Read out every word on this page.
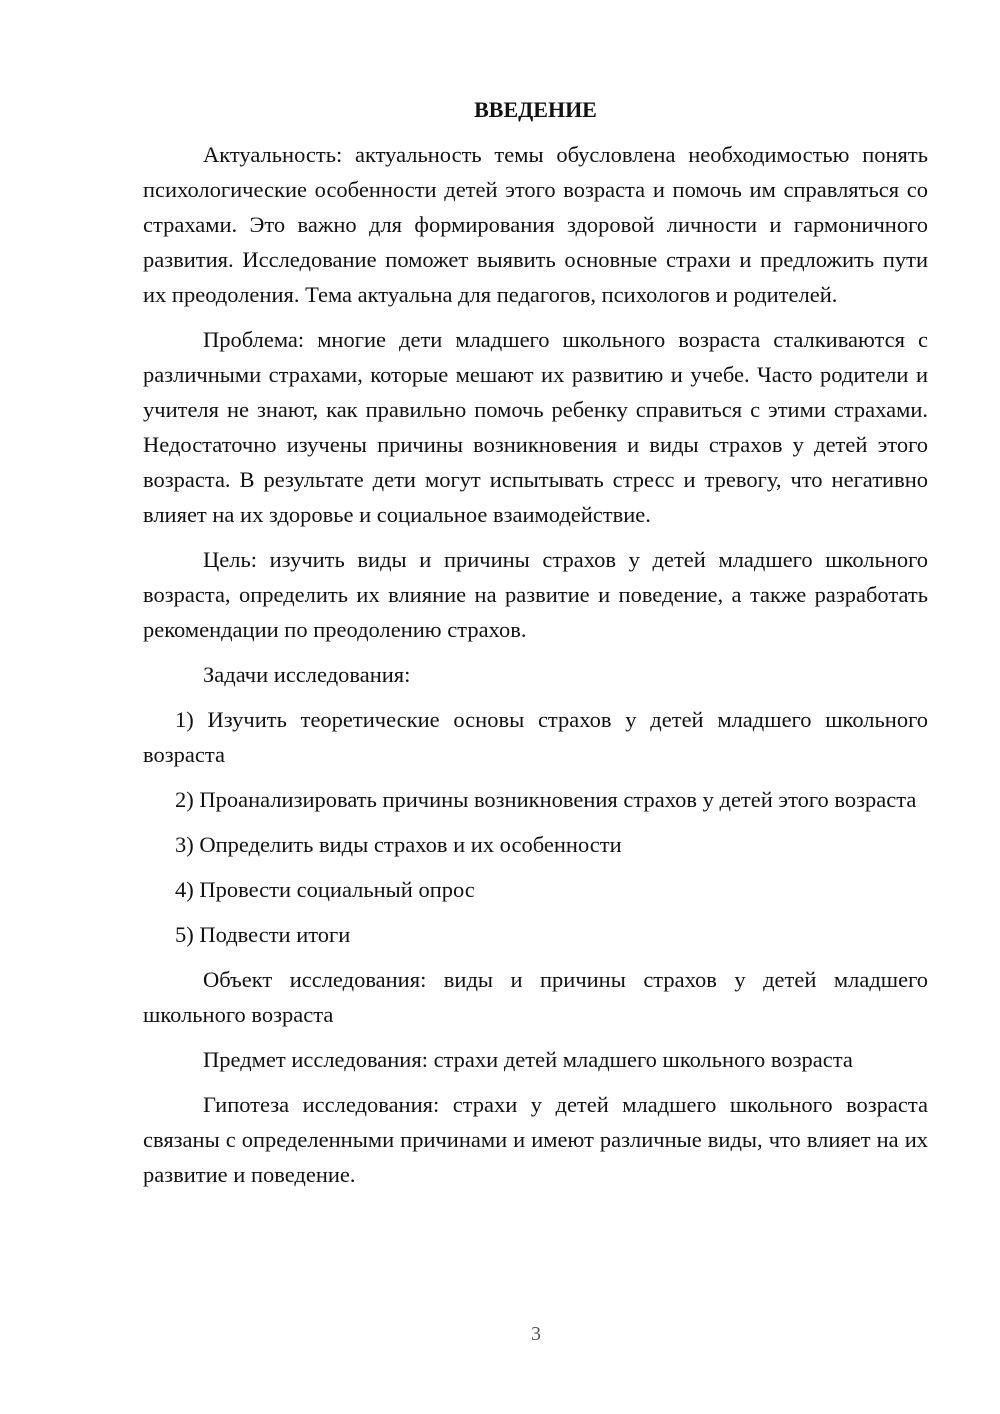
ВВЕДЕНИЕ

Актуальность: актуальность темы обусловлена необходимостью понять психологические особенности детей этого возраста и помочь им справляться со страхами. Это важно для формирования здоровой личности и гармоничного развития. Исследование поможет выявить основные страхи и предложить пути их преодоления. Тема актуальна для педагогов, психологов и родителей.

Проблема: многие дети младшего школьного возраста сталкиваются с различными страхами, которые мешают их развитию и учебе. Часто родители и учителя не знают, как правильно помочь ребенку справиться с этими страхами. Недостаточно изучены причины возникновения и виды страхов у детей этого возраста. В результате дети могут испытывать стресс и тревогу, что негативно влияет на их здоровье и социальное взаимодействие.

Цель: изучить виды и причины страхов у детей младшего школьного возраста, определить их влияние на развитие и поведение, а также разработать рекомендации по преодолению страхов.

Задачи исследования:

1) Изучить теоретические основы страхов у детей младшего школьного возраста

2) Проанализировать причины возникновения страхов у детей этого возраста

3) Определить виды страхов и их особенности

4) Провести социальный опрос

5) Подвести итоги

Объект исследования: виды и причины страхов у детей младшего школьного возраста

Предмет исследования: страхи детей младшего школьного возраста

Гипотеза исследования: страхи у детей младшего школьного возраста связаны с определенными причинами и имеют различные виды, что влияет на их развитие и поведение.

3
